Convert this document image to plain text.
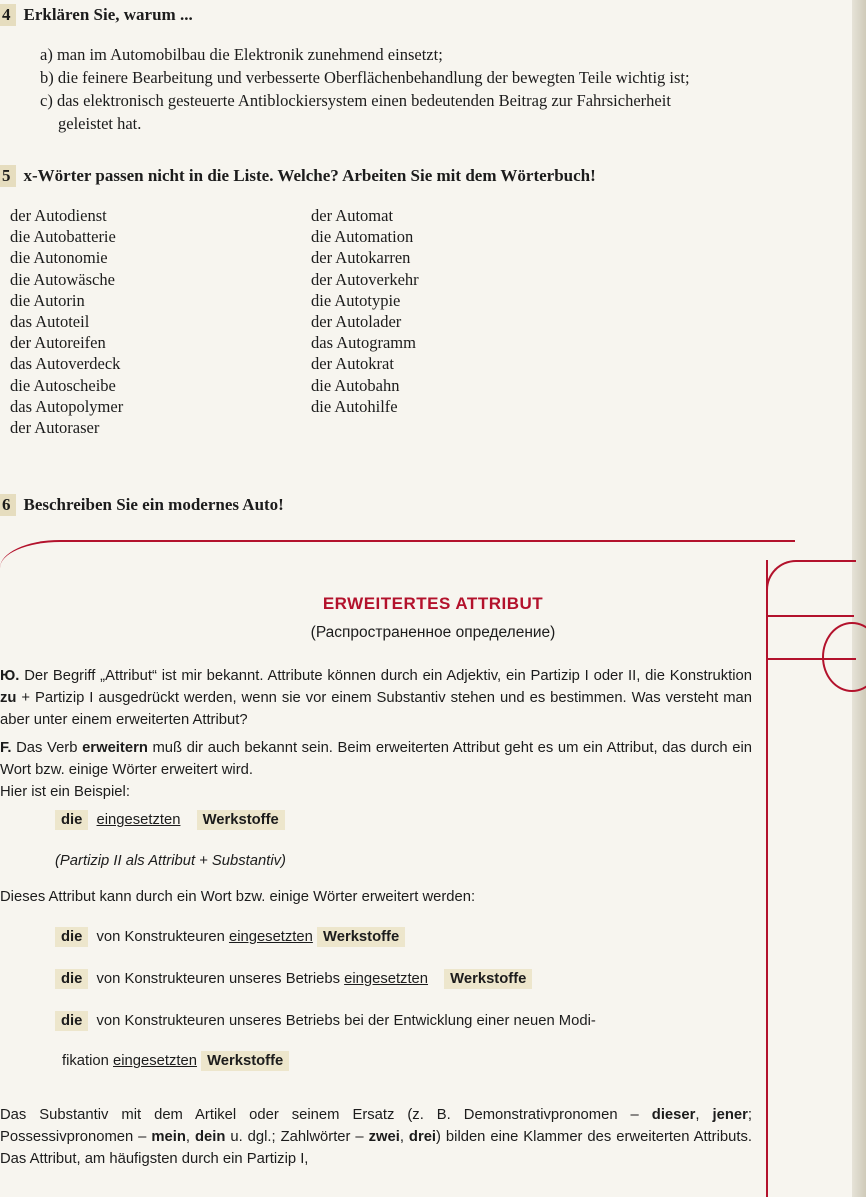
4 Erklären Sie, warum ...
a) man im Automobilbau die Elektronik zunehmend einsetzt;
b) die feinere Bearbeitung und verbesserte Oberflächenbehandlung der bewegten Teile wichtig ist;
c) das elektronisch gesteuerte Antiblockiersystem einen bedeutenden Beitrag zur Fahrsicherheit
geleistet hat.
5 x-Wörter passen nicht in die Liste. Welche? Arbeiten Sie mit dem Wörterbuch!
der Autodienst
die Autobatterie
die Autonomie
die Autowäsche
die Autorin
das Autoteil
der Autoreifen
das Autoverdeck
die Autoscheibe
das Autopolymer
der Autoraser
der Automat
die Automation
der Autokarren
der Autoverkehr
die Autotypie
der Autolader
das Autogramm
der Autokrat
die Autobahn
die Autohilfe
6 Beschreiben Sie ein modernes Auto!
ERWEITERTES ATTRIBUT
(Распространенное определение)
Ю. Der Begriff „Attribut“ ist mir bekannt. Attribute können durch ein Adjektiv, ein Partizip I oder II, die Konstruktion zu + Partizip I ausgedrückt werden, wenn sie vor einem Substantiv stehen und es bestimmen. Was versteht man aber unter einem erweiterten Attribut?
F. Das Verb erweitern muß dir auch bekannt sein. Beim erweiterten Attribut geht es um ein Attribut, das durch ein Wort bzw. einige Wörter erweitert wird.
Hier ist ein Beispiel:
die eingesetzten Werkstoffe
(Partizip II als Attribut + Substantiv)
Dieses Attribut kann durch ein Wort bzw. einige Wörter erweitert werden:
die von Konstrukteuren eingesetzten Werkstoffe
die von Konstrukteuren unseres Betriebs eingesetzten Werkstoffe
die von Konstrukteuren unseres Betriebs bei der Entwicklung einer neuen Modi-
fikation eingesetzten Werkstoffe
Das Substantiv mit dem Artikel oder seinem Ersatz (z. B. Demonstrativpronomen – dieser, jener; Possessivpronomen – mein, dein u. dgl.; Zahlwörter – zwei, drei) bilden eine Klammer des erweiterten Attributs. Das Attribut, am häufigsten durch ein Partizip I,
